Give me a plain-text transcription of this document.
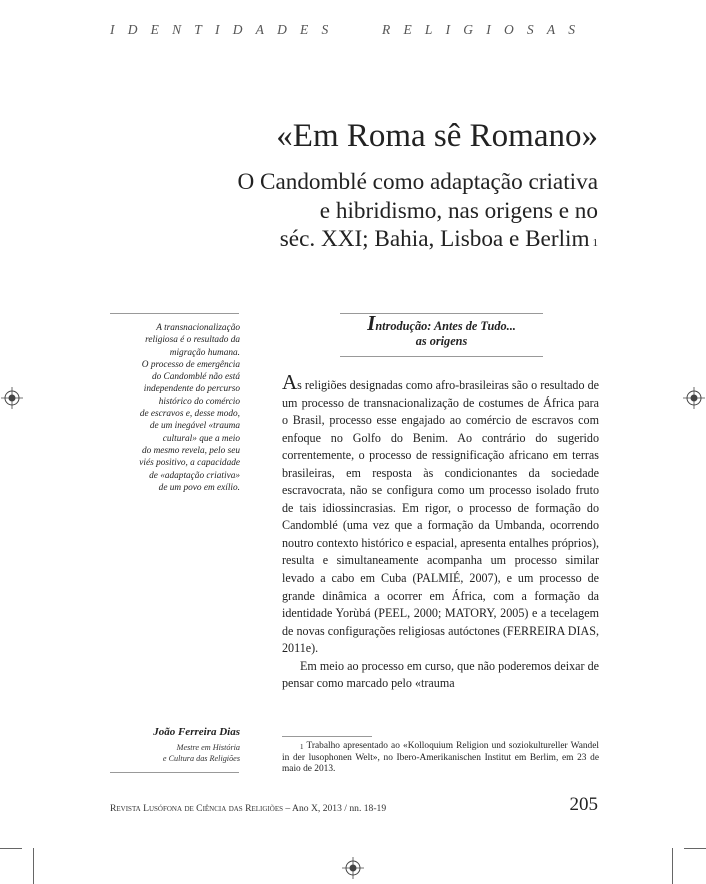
IDENTIDADES	RELIGIOSAS
«Em Roma sê Romano»
O Candomblé como adaptação criativa
e hibridismo, nas origens e no
séc. XXI; Bahia, Lisboa e Berlim $^1$
A transnacionalização
religiosa é o resultado da
migração humana.
O processo de emergência
do Candomblé não está
independente do percurso
histórico do comércio
de escravos e, desse modo,
de um inegável «trauma
cultural» que a meio
do mesmo revela, pelo seu
viés positivo, a capacidade
de «adaptação criativa»
de um povo em exílio.
João Ferreira Dias
Mestre em História
e Cultura das Religiões
Introdução: Antes de Tudo...
as origens

As religiões designadas como afro-brasileiras são o resultado de um processo de transnacionalização de costumes de África para o Brasil, processo esse engajado ao comércio de escravos com enfoque no Golfo do Benim. Ao contrário do sugerido correntemente, o processo de ressignificação africano em terras brasileiras, em resposta às condicionantes da sociedade escravocrata, não se configura como um processo isolado fruto de tais idiossincrasias. Em rigor, o processo de formação do Candomblé (uma vez que a formação da Umbanda, ocorrendo noutro contexto histórico e espacial, apresenta entalhes próprios), resulta e simultaneamente acompanha um processo similar levado a cabo em Cuba (PALMIÉ, 2007), e um processo de grande dinâmica a ocorrer em África, com a formação da identidade Yorùbá (PEEL, 2000; MATORY, 2005) e a tecelagem de novas configurações religiosas autóctones (FERREIRA DIAS, 2011e).

Em meio ao processo em curso, que não poderemos deixar de pensar como marcado pelo «trauma

$^1$ Trabalho apresentado ao «Kolloquium Religion und soziokultureller Wandel in der lusophonen Welt», no Ibero-Amerikanischen Institut em Berlim, em 23 de maio de 2013.
Revista Lusófona de Ciência das Religiões – Ano X, 2013 / nn. 18-19	205
